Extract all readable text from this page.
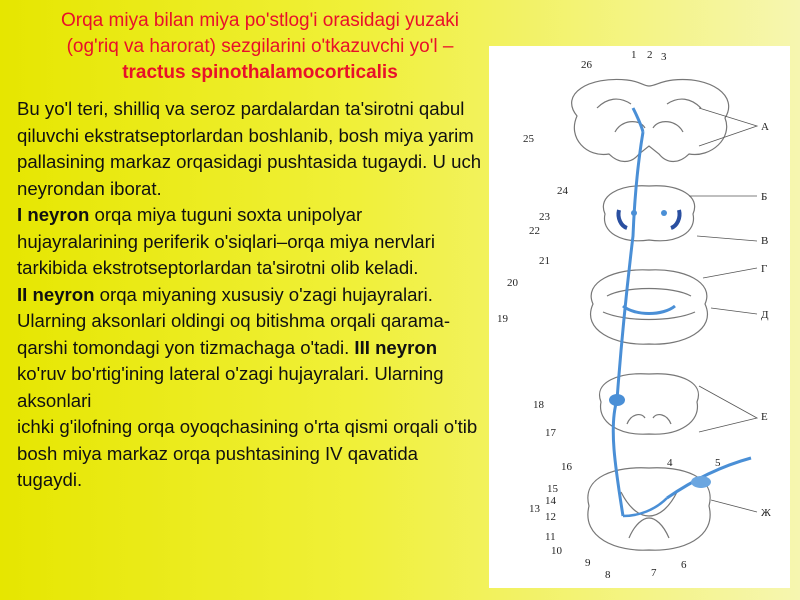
Orqa miya bilan miya po'stlog'i orasidagi yuzaki
(og'riq va harorat) sezgilarini o'tkazuvchi yo'l –
tractus spinothalamocorticalis
Bu yo'l teri, shilliq va seroz pardalardan ta'sirotni qabul qiluvchi ekstratseptorlardan boshlanib, bosh miya yarim pallasining markaz orqasidagi pushtasida tugaydi. U uch neyrondan iborat.
I neyron orqa miya tuguni soxta unipolyar hujayralarining periferik o'siqlari–orqa miya nervlari tarkibida ekstrotseptorlardan ta'sirotni olib keladi.
II neyron orqa miyaning xususiy o'zagi hujayralari. Ularning aksonlari oldingi oq bitishma orqali qarama-qarshi tomondagi yon tizmachaga o'tadi. III neyron ko'ruv bo'rtig'ining lateral o'zagi hujayralari. Ularning aksonlari
ichki g'ilofning orqa oyoqchasining o'rta qismi orqali o'tib bosh miya markaz orqa pushtasining IV qavatida tugaydi.
1 2 3
26
25
24
23
22
21
20
19
18
17
16
15
14
13
12
11
10
9
8	7
6
4	5
А
Б
В
Г
Д
Е
Ж
